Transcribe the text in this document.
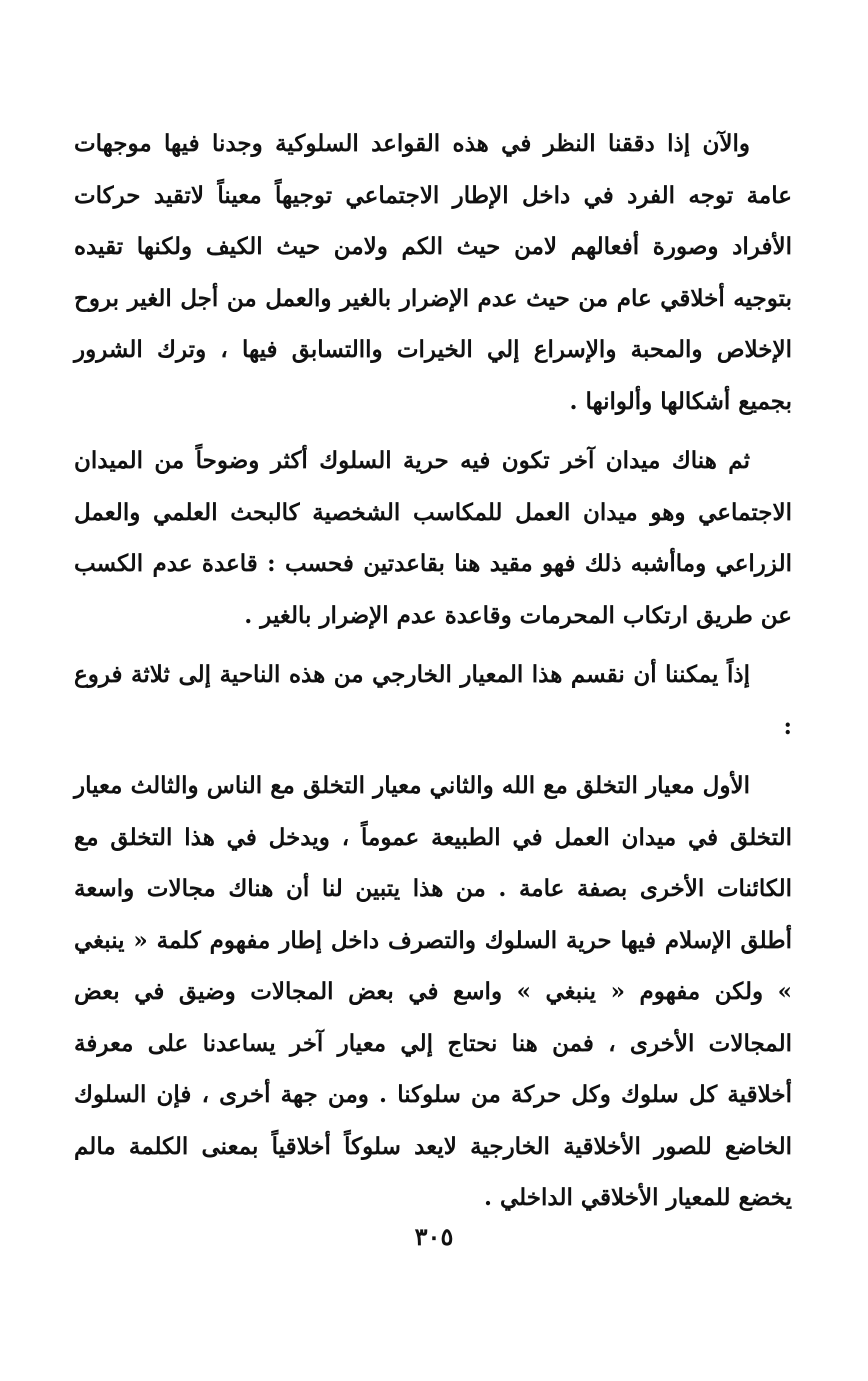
والآن إذا دققنا النظر في هذه القواعد السلوكية وجدنا فيها موجهات عامة توجه الفرد في داخل الإطار الاجتماعي توجيهاً معيناً لاتقيد حركات الأفراد وصورة أفعالهم لامن حيث الكم ولامن حيث الكيف ولكنها تقيده بتوجيه أخلاقي عام من حيث عدم الإضرار بالغير والعمل من أجل الغير بروح الإخلاص والمحبة والإسراع إلي الخيرات واالتسابق فيها ، وترك الشرور بجميع أشكالها وألوانها .

ثم هناك ميدان آخر تكون فيه حرية السلوك أكثر وضوحاً من الميدان الاجتماعي وهو ميدان العمل للمكاسب الشخصية كالبحث العلمي والعمل الزراعي وماأشبه ذلك فهو مقيد هنا بقاعدتين فحسب : قاعدة عدم الكسب عن طريق ارتكاب المحرمات وقاعدة عدم الإضرار بالغير .

إذاً يمكننا أن نقسم هذا المعيار الخارجي من هذه الناحية إلى ثلاثة فروع :

الأول معيار التخلق مع الله والثاني معيار التخلق مع الناس والثالث معيار التخلق في ميدان العمل في الطبيعة عموماً ، ويدخل في هذا التخلق مع الكائنات الأخرى بصفة عامة . من هذا يتبين لنا أن هناك مجالات واسعة أطلق الإسلام فيها حرية السلوك والتصرف داخل إطار مفهوم كلمة « ينبغي » ولكن مفهوم « ينبغي » واسع في بعض المجالات وضيق في بعض المجالات الأخرى ، فمن هنا نحتاج إلي معيار آخر يساعدنا على معرفة أخلاقية كل سلوك وكل حركة من سلوكنا . ومن جهة أخرى ، فإن السلوك الخاضع للصور الأخلاقية الخارجية لايعد سلوكاً أخلاقياً بمعنى الكلمة مالم يخضع للمعيار الأخلاقي الداخلي .

٣٠٥
